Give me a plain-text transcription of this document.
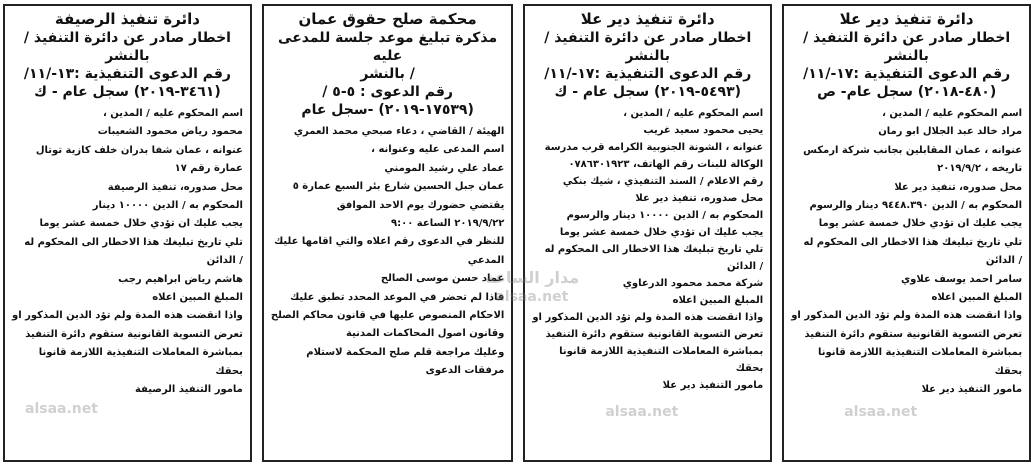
دائرة تنفيذ الرصيفة
اخطار صادر عن دائرة التنفيذ / بالنشر
رقم الدعوى التنفيذية :١٣-/١١/
(٣٤٦١-٢٠١٩) سجل عام - ك
اسم المحكوم عليه / المدين ،
محمود رياض محمود الشعيبات
عنوانه ، عمان شفا بدران خلف كازية توتال
عمارة رقم ١٧
محل صدوره، تنفيذ الرصيفة
المحكوم به / الدين ١٠٠٠٠ دينار
يجب عليك ان تؤدي خلال خمسة عشر يوما
تلي تاريخ تبليغك هذا الاخطار الى المحكوم له
/ الدائن
هاشم رياض ابراهيم رجب
المبلغ المبين اعلاه
واذا انقضت هذه المدة ولم تؤد الدين المذكور او
تعرض التسوية القانونية ستقوم دائرة التنفيذ
بمباشرة المعاملات التنفيذية اللازمة قانونا
بحقك
مامور التنفيذ الرصيفة
alsaa.net
محكمة صلح حقوق عمان
مذكرة تبليغ موعد جلسة للمدعى عليه
/ بالنشر
رقم الدعوى : ٥-٥ /
(١٧٥٣٩-٢٠١٩) -سجل عام
الهيئة / القاضي ، دعاء صبحي محمد العمري
اسم المدعى عليه وعنوانه ،
عماد علي رشيد المومني
عمان جبل الحسين شارع بئر السبع عمارة ٥
يقتضي حضورك يوم الاحد الموافق
٢٠١٩/٩/٢٢ الساعة ٩:٠٠
للنظر في الدعوى رقم اعلاه والتي اقامها عليك
المدعي
عماد حسن موسى الصالح
فاذا لم تحضر في الموعد المحدد تطبق عليك
الاحكام المنصوص عليها في قانون محاكم الصلح
وقانون اصول المحاكمات المدنية
وعليك مراجعة قلم صلح المحكمة لاستلام
مرفقات الدعوى
دائرة تنفيذ دير علا
اخطار صادر عن دائرة التنفيذ / بالنشر
رقم الدعوى التنفيذية :١٧-/١١/
(٥٤٩٣-٢٠١٩) سجل عام - ك
اسم المحكوم عليه / المدين ،
يحيى محمود سعيد غريب
عنوانه ، الشونة الجنوبية الكرامه قرب مدرسة
الوكالة للبنات رقم الهاتف، ٠٧٨٦٣٠١٩٢٣
رقم الاعلام / السند التنفيذي ، شيك بنكي
محل صدوره، تنفيذ دير علا
المحكوم به / الدين ١٠٠٠٠ دينار والرسوم
يجب عليك ان تؤدي خلال خمسة عشر يوما
تلي تاريخ تبليغك هذا الاخطار الى المحكوم له
/ الدائن
شركة محمد محمود الدرعاوي
المبلغ المبين اعلاه
واذا انقضت هذه المدة ولم تؤد الدين المذكور او
تعرض التسوية القانونية ستقوم دائرة التنفيذ
بمباشرة المعاملات التنفيذية اللازمة قانونا
بحقك
مامور التنفيذ دير علا
مدار الساعة
alsaa.net
alsaa.net
دائرة تنفيذ دير علا
اخطار صادر عن دائرة التنفيذ / بالنشر
رقم الدعوى التنفيذية :١٧-/١١/
(٤٨٠-٢٠١٨) سجل عام- ص
اسم المحكوم عليه / المدين ،
مراد خالد عبد الجلال ابو رمان
عنوانه ، عمان المقابلين بجانب شركة ارمكس
تاريخه ، ٢٠١٩/٩/٢
محل صدوره، تنفيذ دير علا
المحكوم به / الدين ٩٤٤٨.٣٩٠ دينار والرسوم
يجب عليك ان تؤدي خلال خمسة عشر يوما
تلي تاريخ تبليغك هذا الاخطار الى المحكوم له
/ الدائن
سامر احمد يوسف علاوي
المبلغ المبين اعلاه
واذا انقضت هذه المدة ولم تؤد الدين المذكور او
تعرض التسوية القانونية ستقوم دائرة التنفيذ
بمباشرة المعاملات التنفيذية اللازمة قانونا
بحقك
مامور التنفيذ دير علا
alsaa.net
